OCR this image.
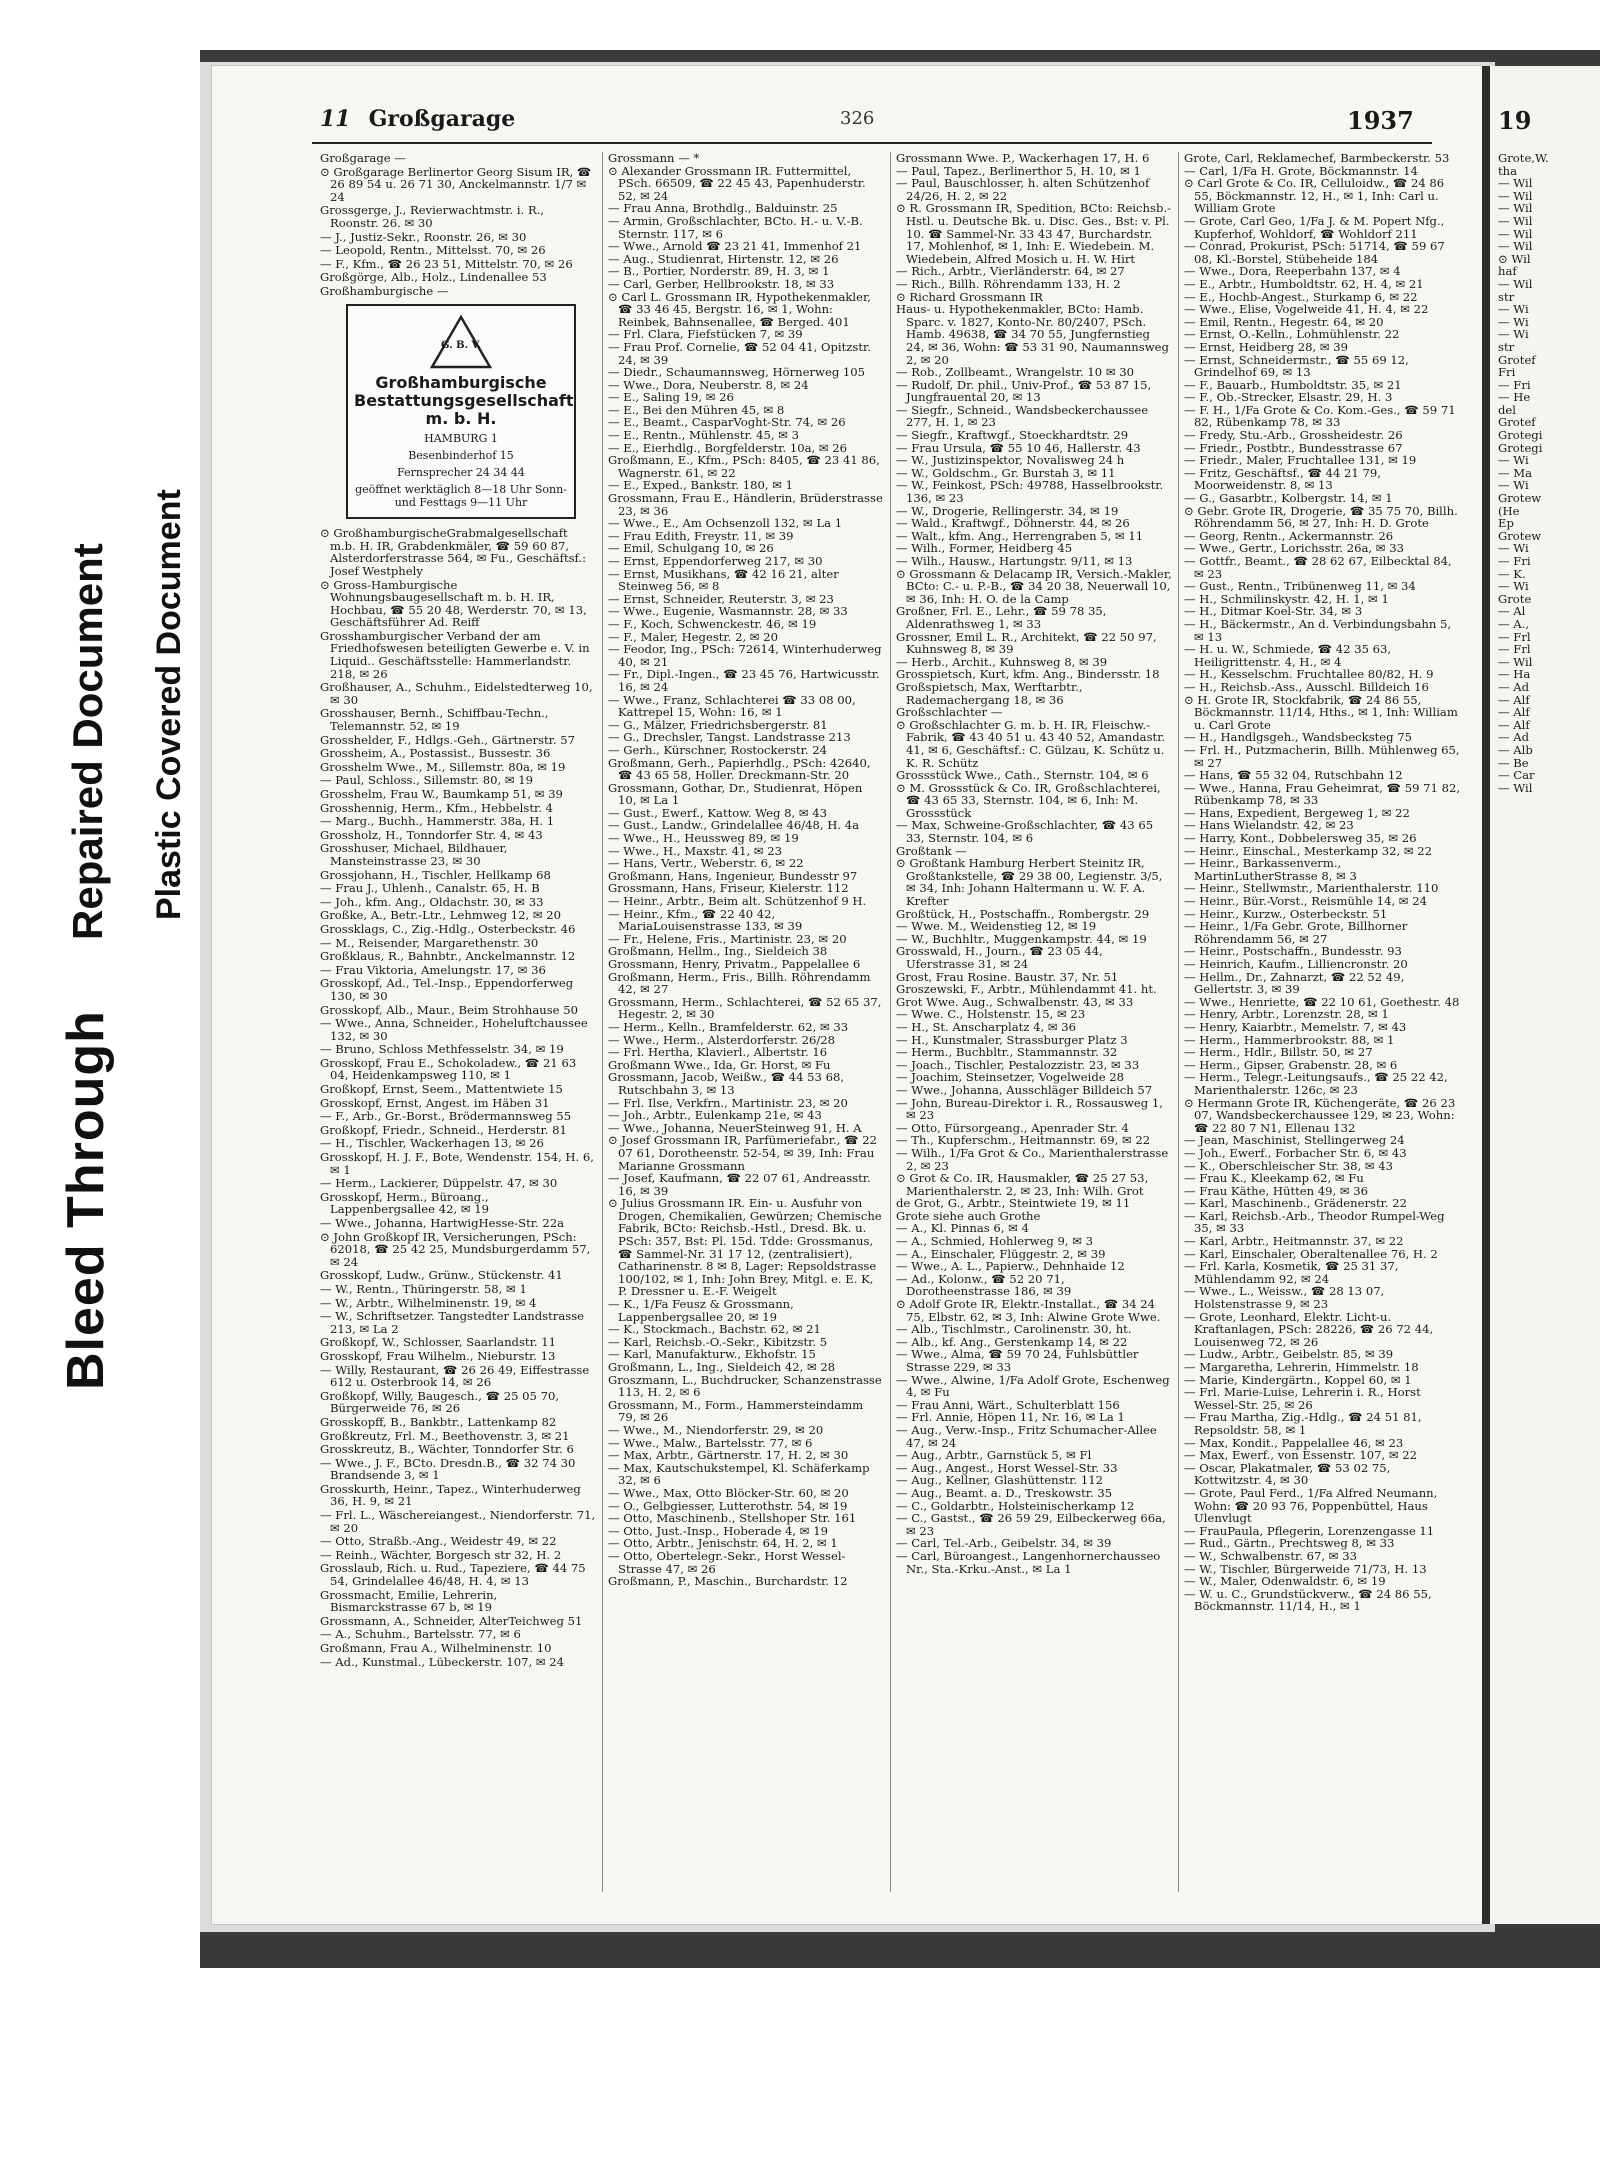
Bleed Through
Repaired Document Plastic Covered Document
11 Großgarage	326	1937
Großgarage —
⊙ Großgarage Berlinertor Georg Sisum IR, ☎ 26 89 54 u. 26 71 30, Anckelmannstr. 1/7 ✉ 24
Grossgerge, J., Revierwachtmstr. i. R., Roonstr. 26. ✉ 30
— J., Justiz-Sekr., Roonstr. 26, ✉ 30
— Leopold, Rentn., Mittelsst. 70, ✉ 26
— F., Kfm., ☎ 26 23 51, Mittelstr. 70, ✉ 26
Großgörge, Alb., Holz., Lindenallee 53
Großhamburgische —
G. B. V.
Großhamburgische Bestattungsgesellschaft m. b. H.
HAMBURG 1
Besenbinderhof 15
Fernsprecher 24 34 44
geöffnet werktäglich 8—18 Uhr Sonn- und Festtags 9—11 Uhr
⊙ GroßhamburgischeGrabmalgesellschaft m.b. H. IR, Grabdenkmäler, ☎ 59 60 87, Alsterdorferstrasse 564, ✉ Fu., Geschäftsf.: Josef Westphely
⊙ Gross-Hamburgische Wohnungsbaugesellschaft m. b. H. IR, Hochbau, ☎ 55 20 48, Werderstr. 70, ✉ 13, Geschäftsführer Ad. Reiff
Grosshamburgischer Verband der am Friedhofswesen beteiligten Gewerbe e. V. in Liquid.. Geschäftsstelle: Hammerlandstr. 218, ✉ 26
Großhauser, A., Schuhm., Eidelstedterweg 10, ✉ 30
Grosshauser, Bernh., Schiffbau-Techn., Telemannstr. 52, ✉ 19
Grosshelder, F., Hdlgs.-Geh., Gärtnerstr. 57
Grossheim, A., Postassist., Bussestr. 36
Grosshelm Wwe., M., Sillemstr. 80a, ✉ 19
— Paul, Schloss., Sillemstr. 80, ✉ 19
Grosshelm, Frau W., Baumkamp 51, ✉ 39
Grosshennig, Herm., Kfm., Hebbelstr. 4
— Marg., Buchh., Hammerstr. 38a, H. 1
Grossholz, H., Tonndorfer Str. 4, ✉ 43
Grosshuser, Michael, Bildhauer, Mansteinstrasse 23, ✉ 30
Grossjohann, H., Tischler, Hellkamp 68
— Frau J., Uhlenh., Canalstr. 65, H. B
— Joh., kfm. Ang., Oldachstr. 30, ✉ 33
Großke, A., Betr.-Ltr., Lehmweg 12, ✉ 20
Grossklags, C., Zig.-Hdlg., Osterbeckstr. 46
— M., Reisender, Margarethenstr. 30
Großklaus, R., Bahnbtr., Anckelmannstr. 12
— Frau Viktoria, Amelungstr. 17, ✉ 36
Grosskopf, Ad., Tel.-Insp., Eppendorferweg 130, ✉ 30
Grosskopf, Alb., Maur., Beim Strohhause 50
— Wwe., Anna, Schneider., Hoheluftchaussee 132, ✉ 30
— Bruno, Schloss Methfesselstr. 34, ✉ 19
Grosskopf, Frau E., Schokoladew., ☎ 21 63 04, Heidenkampsweg 110, ✉ 1
Großkopf, Ernst, Seem., Mattentwiete 15
Grosskopf, Ernst, Angest. im Häben 31
— F., Arb., Gr.-Borst., Brödermannsweg 55
Großkopf, Friedr., Schneid., Herderstr. 81
— H., Tischler, Wackerhagen 13, ✉ 26
Grosskopf, H. J. F., Bote, Wendenstr. 154, H. 6, ✉ 1
— Herm., Lackierer, Düppelstr. 47, ✉ 30
Grosskopf, Herm., Büroang., Lappenbergsallee 42, ✉ 19
— Wwe., Johanna, HartwigHesse-Str. 22a
⊙ John Großkopf IR, Versicherungen, PSch: 62018, ☎ 25 42 25, Mundsburgerdamm 57, ✉ 24
Grosskopf, Ludw., Grünw., Stückenstr. 41
— W., Rentn., Thüringerstr. 58, ✉ 1
— W., Arbtr., Wilhelminenstr. 19, ✉ 4
— W., Schriftsetzer. Tangstedter Landstrasse 213, ✉ La 2
Großkopf, W., Schlosser, Saarlandstr. 11
Grosskopf, Frau Wilhelm., Nieburstr. 13
— Willy, Restaurant, ☎ 26 26 49, Eiffestrasse 612 u. Osterbrook 14, ✉ 26
Großkopf, Willy, Baugesch., ☎ 25 05 70, Bürgerweide 76, ✉ 26
Grosskopff, B., Bankbtr., Lattenkamp 82
Großkreutz, Frl. M., Beethovenstr. 3, ✉ 21
Grosskreutz, B., Wächter, Tonndorfer Str. 6
— Wwe., J. F., BCto. Dresdn.B., ☎ 32 74 30 Brandsende 3, ✉ 1
Grosskurth, Heinr., Tapez., Winterhuderweg 36, H. 9, ✉ 21
— Frl. L., Wäschereiangest., Niendorferstr. 71, ✉ 20
— Otto, Straßb.-Ang., Weidestr 49, ✉ 22
— Reinh., Wächter, Borgesch str 32, H. 2
Grosslaub, Rich. u. Rud., Tapeziere, ☎ 44 75 54, Grindelallee 46/48, H. 4, ✉ 13
Grossmacht, Emilie, Lehrerin, Bismarckstrasse 67 b, ✉ 19
Grossmann, A., Schneider, AlterTeichweg 51
— A., Schuhm., Bartelsstr. 77, ✉ 6
Großmann, Frau A., Wilhelminenstr. 10
— Ad., Kunstmal., Lübeckerstr. 107, ✉ 24
Grossmann — *
⊙ Alexander Grossmann IR. Futtermittel, PSch. 66509, ☎ 22 45 43, Papenhuderstr. 52, ✉ 24
— Frau Anna, Brothdlg., Balduinstr. 25
— Armin, Großschlachter, BCto. H.- u. V.-B. Sternstr. 117, ✉ 6
— Wwe., Arnold ☎ 23 21 41, Immenhof 21
— Aug., Studienrat, Hirtenstr. 12, ✉ 26
— B., Portier, Norderstr. 89, H. 3, ✉ 1
— Carl, Gerber, Hellbrookstr. 18, ✉ 33
⊙ Carl L. Grossmann IR, Hypothekenmakler, ☎ 33 46 45, Bergstr. 16, ✉ 1, Wohn: Reinbek, Bahnsenallee, ☎ Berged. 401
— Frl. Clara, Fiefstücken 7, ✉ 39
— Frau Prof. Cornelie, ☎ 52 04 41, Opitzstr. 24, ✉ 39
— Diedr., Schaumannsweg, Hörnerweg 105
— Wwe., Dora, Neuberstr. 8, ✉ 24
— E., Saling 19, ✉ 26
— E., Bei den Mühren 45, ✉ 8
— E., Beamt., CasparVoght-Str. 74, ✉ 26
— E., Rentn., Mühlenstr. 45, ✉ 3
— E., Eierhdlg., Borgfelderstr. 10a, ✉ 26
Großmann, E., Kfm., PSch: 8405, ☎ 23 41 86, Wagnerstr. 61, ✉ 22
— E., Exped., Bankstr. 180, ✉ 1
Grossmann, Frau E., Händlerin, Brüderstrasse 23, ✉ 36
— Wwe., E., Am Ochsenzoll 132, ✉ La 1
— Frau Edith, Freystr. 11, ✉ 39
— Emil, Schulgang 10, ✉ 26
— Ernst, Eppendorferweg 217, ✉ 30
— Ernst, Musikhans, ☎ 42 16 21, alter Steinweg 56, ✉ 8
— Ernst, Schneider, Reuterstr. 3, ✉ 23
— Wwe., Eugenie, Wasmannstr. 28, ✉ 33
— F., Koch, Schwenckestr. 46, ✉ 19
— F., Maler, Hegestr. 2, ✉ 20
— Feodor, Ing., PSch: 72614, Winterhuderweg 40, ✉ 21
— Fr., Dipl.-Ingen., ☎ 23 45 76, Hartwicusstr. 16, ✉ 24
— Wwe., Franz, Schlachterei ☎ 33 08 00, Kattrepel 15, Wohn: 16, ✉ 1
— G., Mälzer, Friedrichsbergerstr. 81
— G., Drechsler, Tangst. Landstrasse 213
— Gerh., Kürschner, Rostockerstr. 24
Großmann, Gerh., Papierhdlg., PSch: 42640, ☎ 43 65 58, Holler. Dreckmann-Str. 20
Grossmann, Gothar, Dr., Studienrat, Höpen 10, ✉ La 1
— Gust., Ewerf., Kattow. Weg 8, ✉ 43
— Gust., Landw., Grindelallee 46/48, H. 4a
— Wwe., H., Heussweg 89, ✉ 19
— Wwe., H., Maxstr. 41, ✉ 23
— Hans, Vertr., Weberstr. 6, ✉ 22
Großmann, Hans, Ingenieur, Bundesstr 97
Grossmann, Hans, Friseur, Kielerstr. 112
— Heinr., Arbtr., Beim alt. Schützenhof 9 H.
— Heinr., Kfm., ☎ 22 40 42, MariaLouisenstrasse 133, ✉ 39
— Fr., Helene, Fris., Martinistr. 23, ✉ 20
Großmann, Hellm., Ing., Sieldeich 38
Grossmann, Henry, Privatm., Pappelallee 6
Großmann, Herm., Fris., Billh. Röhrendamm 42, ✉ 27
Grossmann, Herm., Schlachterei, ☎ 52 65 37, Hegestr. 2, ✉ 30
— Herm., Kelln., Bramfelderstr. 62, ✉ 33
— Wwe., Herm., Alsterdorferstr. 26/28
— Frl. Hertha, Klavierl., Albertstr. 16
Großmann Wwe., Ida, Gr. Horst, ✉ Fu
Grossmann, Jacob, Weißw., ☎ 44 53 68, Rutschbahn 3, ✉ 13
— Frl. Ilse, Verkfrn., Martinistr. 23, ✉ 20
— Joh., Arbtr., Eulenkamp 21e, ✉ 43
— Wwe., Johanna, NeuerSteinweg 91, H. A
⊙ Josef Grossmann IR, Parfümeriefabr., ☎ 22 07 61, Dorotheenstr. 52-54, ✉ 39, Inh: Frau Marianne Grossmann
— Josef, Kaufmann, ☎ 22 07 61, Andreasstr. 16, ✉ 39
⊙ Julius Grossmann IR. Ein- u. Ausfuhr von Drogen, Chemikalien, Gewürzen; Chemische Fabrik, BCto: Reichsb.-Hstl., Dresd. Bk. u. PSch: 357, Bst: Pl. 15d. Tdde: Grossmanus, ☎ Sammel-Nr. 31 17 12, (zentralisiert), Catharinenstr. 8 ✉ 8, Lager: Repsoldstrasse 100/102, ✉ 1, Inh: John Brey, Mitgl. e. E. K, P. Dressner u. E.-F. Weigelt
— K., 1/Fa Feusz & Grossmann, Lappenbergsallee 20, ✉ 19
— K., Stockmach., Bachstr. 62, ✉ 21
— Karl, Reichsb.-O.-Sekr., Kibitzstr. 5
— Karl, Manufakturw., Ekhofstr. 15
Großmann, L., Ing., Sieldeich 42, ✉ 28
Groszmann, L., Buchdrucker, Schanzenstrasse 113, H. 2, ✉ 6
Grossmann, M., Form., Hammersteindamm 79, ✉ 26
— Wwe., M., Niendorferstr. 29, ✉ 20
— Wwe., Malw., Bartelsstr. 77, ✉ 6
— Max, Arbtr., Gärtnerstr. 17, H. 2, ✉ 30
— Max, Kautschukstempel, Kl. Schäferkamp 32, ✉ 6
— Wwe., Max, Otto Blöcker-Str. 60, ✉ 20
— O., Gelbgiesser, Lutterothstr. 54, ✉ 19
— Otto, Maschinenb., Stellshoper Str. 161
— Otto, Just.-Insp., Hoberade 4, ✉ 19
— Otto, Arbtr., Jenischstr. 64, H. 2, ✉ 1
— Otto, Obertelegr.-Sekr., Horst Wessel-Strasse 47, ✉ 26
Großmann, P., Maschin., Burchardstr. 12
Grossmann Wwe. P., Wackerhagen 17, H. 6
— Paul, Tapez., Berlinerthor 5, H. 10, ✉ 1
— Paul, Bauschlosser, h. alten Schützenhof 24/26, H. 2, ✉ 22
⊙ R. Grossmann IR, Spedition, BCto: Reichsb.-Hstl. u. Deutsche Bk. u. Disc. Ges., Bst: v. Pl. 10. ☎ Sammel-Nr. 33 43 47, Burchardstr. 17, Mohlenhof, ✉ 1, Inh: E. Wiedebein. M. Wiedebein, Alfred Mosich u. H. W. Hirt
— Rich., Arbtr., Vierländerstr. 64, ✉ 27
— Rich., Billh. Röhrendamm 133, H. 2
⊙ Richard Grossmann IR
Haus- u. Hypothekenmakler, BCto: Hamb. Sparc. v. 1827, Konto-Nr. 80/2407, PSch. Hamb. 49638, ☎ 34 70 55, Jungfernstieg 24, ✉ 36, Wohn: ☎ 53 31 90, Naumannsweg 2, ✉ 20
— Rob., Zollbeamt., Wrangelstr. 10 ✉ 30
— Rudolf, Dr. phil., Univ-Prof., ☎ 53 87 15, Jungfrauental 20, ✉ 13
— Siegfr., Schneid., Wandsbeckerchaussee 277, H. 1, ✉ 23
— Siegfr., Kraftwgf., Stoeckhardtstr. 29
— Frau Ursula, ☎ 55 10 46, Hallerstr. 43
— W., Justizinspektor, Novalisweg 24 h
— W., Goldschm., Gr. Burstah 3, ✉ 11
— W., Feinkost, PSch: 49788, Hasselbrookstr. 136, ✉ 23
— W., Drogerie, Rellingerstr. 34, ✉ 19
— Wald., Kraftwgf., Döhnerstr. 44, ✉ 26
— Walt., kfm. Ang., Herrengraben 5, ✉ 11
— Wilh., Former, Heidberg 45
— Wilh., Hausw., Hartungstr. 9/11, ✉ 13
⊙ Grossmann & Delacamp IR, Versich.-Makler, BCto: C.- u. P.-B., ☎ 34 20 38, Neuerwall 10, ✉ 36, Inh: H. O. de la Camp
Großner, Frl. E., Lehr., ☎ 59 78 35, Aldenrathsweg 1, ✉ 33
Grossner, Emil L. R., Architekt, ☎ 22 50 97, Kuhnsweg 8, ✉ 39
— Herb., Archit., Kuhnsweg 8, ✉ 39
Grosspietsch, Kurt, kfm. Ang., Bindersstr. 18
Großspietsch, Max, Werftarbtr., Rademachergang 18, ✉ 36
Großschlachter —
⊙ Großschlachter G. m. b. H. IR, Fleischw.-Fabrik, ☎ 43 40 51 u. 43 40 52, Amandastr. 41, ✉ 6, Geschäftsf.: C. Gülzau, K. Schütz u. K. R. Schütz
Grossstück Wwe., Cath., Sternstr. 104, ✉ 6
⊙ M. Grossstück & Co. IR, Großschlachterei, ☎ 43 65 33, Sternstr. 104, ✉ 6, Inh: M. Grossstück
— Max, Schweine-Großschlachter, ☎ 43 65 33, Sternstr. 104, ✉ 6
Großtank —
⊙ Großtank Hamburg Herbert Steinitz IR, Großtankstelle, ☎ 29 38 00, Legienstr. 3/5, ✉ 34, Inh: Johann Haltermann u. W. F. A. Krefter
Großtück, H., Postschaffn., Rombergstr. 29
— Wwe. M., Weidenstieg 12, ✉ 19
— W., Buchhltr., Muggenkampstr. 44, ✉ 19
Grosswald, H., Journ., ☎ 23 05 44, Uferstrasse 31, ✉ 24
Grost, Frau Rosine. Baustr. 37, Nr. 51
Groszewski, F., Arbtr., Mühlendammt 41. ht.
Grot Wwe. Aug., Schwalbenstr. 43, ✉ 33
— Wwe. C., Holstenstr. 15, ✉ 23
— H., St. Anscharplatz 4, ✉ 36
— H., Kunstmaler, Strassburger Platz 3
— Herm., Buchbltr., Stammannstr. 32
— Joach., Tischler, Pestalozzistr. 23, ✉ 33
— Joachim, Steinsetzer, Vogelweide 28
— Wwe., Johanna, Ausschläger Billdeich 57
— John, Bureau-Direktor i. R., Rossausweg 1, ✉ 23
— Otto, Fürsorgeang., Apenrader Str. 4
— Th., Kupferschm., Heitmannstr. 69, ✉ 22
— Wilh., 1/Fa Grot & Co., Marienthalerstrasse 2, ✉ 23
⊙ Grot & Co. IR, Hausmakler, ☎ 25 27 53, Marienthalerstr. 2, ✉ 23, Inh: Wilh. Grot
de Grot, G., Arbtr., Steintwiete 19, ✉ 11
Grote siehe auch Grothe
— A., Kl. Pinnas 6, ✉ 4
— A., Schmied, Hohlerweg 9, ✉ 3
— A., Einschaler, Flüggestr. 2, ✉ 39
— Wwe., A. L., Papierw., Dehnhaide 12
— Ad., Kolonw., ☎ 52 20 71, Dorotheenstrasse 186, ✉ 39
⊙ Adolf Grote IR, Elektr.-Installat., ☎ 34 24 75, Elbstr. 62, ✉ 3, Inh: Alwine Grote Wwe.
— Alb., Tischlmstr., Carolinenstr. 30, ht.
— Alb., kf. Ang., Gerstenkamp 14, ✉ 22
— Wwe., Alma, ☎ 59 70 24, Fuhlsbüttler Strasse 229, ✉ 33
— Wwe., Alwine, 1/Fa Adolf Grote, Eschenweg 4, ✉ Fu
— Frau Anni, Wärt., Schulterblatt 156
— Frl. Annie, Höpen 11, Nr. 16, ✉ La 1
— Aug., Verw.-Insp., Fritz Schumacher-Allee 47, ✉ 24
— Aug., Arbtr., Garnstück 5, ✉ Fl
— Aug., Angest., Horst Wessel-Str. 33
— Aug., Kellner, Glashüttenstr. 112
— Aug., Beamt. a. D., Treskowstr. 35
— C., Goldarbtr., Holsteinischerkamp 12
— C., Gastst., ☎ 26 59 29, Eilbeckerweg 66a, ✉ 23
— Carl, Tel.-Arb., Geibelstr. 34, ✉ 39
— Carl, Büroangest., Langenhornerchausseo Nr., Sta.-Krku.-Anst., ✉ La 1
Grote, Carl, Reklamechef, Barmbeckerstr. 53
— Carl, 1/Fa H. Grote, Böckmannstr. 14
⊙ Carl Grote & Co. IR, Celluloidw., ☎ 24 86 55, Böckmannstr. 12, H., ✉ 1, Inh: Carl u. William Grote
— Grote, Carl Geo, 1/Fa J. & M. Popert Nfg., Kupferhof, Wohldorf, ☎ Wohldorf 211
— Conrad, Prokurist, PSch: 51714, ☎ 59 67 08, Kl.-Borstel, Stübeheide 184
— Wwe., Dora, Reeperbahn 137, ✉ 4
— E., Arbtr., Humboldtstr. 62, H. 4, ✉ 21
— E., Hochb-Angest., Sturkamp 6, ✉ 22
— Wwe., Elise, Vogelweide 41, H. 4, ✉ 22
— Emil, Rentn., Hegestr. 64, ✉ 20
— Ernst, O.-Kelln., Lohmühlenstr. 22
— Ernst, Heidberg 28, ✉ 39
— Ernst, Schneidermstr., ☎ 55 69 12, Grindelhof 69, ✉ 13
— F., Bauarb., Humboldtstr. 35, ✉ 21
— F., Ob.-Strecker, Elsastr. 29, H. 3
— F. H., 1/Fa Grote & Co. Kom.-Ges., ☎ 59 71 82, Rübenkamp 78, ✉ 33
— Fredy, Stu.-Arb., Grossheidestr. 26
— Friedr., Postbtr., Bundesstrasse 67
— Friedr., Maler, Fruchtallee 131, ✉ 19
— Fritz, Geschäftsf., ☎ 44 21 79, Moorweidenstr. 8, ✉ 13
— G., Gasarbtr., Kolbergstr. 14, ✉ 1
⊙ Gebr. Grote IR, Drogerie, ☎ 35 75 70, Billh. Röhrendamm 56, ✉ 27, Inh: H. D. Grote
— Georg, Rentn., Ackermannstr. 26
— Wwe., Gertr., Lorichsstr. 26a, ✉ 33
— Gottfr., Beamt., ☎ 28 62 67, Eilbecktal 84, ✉ 23
— Gust., Rentn., Tribünenweg 11, ✉ 34
— H., Schmilinskystr. 42, H. 1, ✉ 1
— H., Ditmar Koel-Str. 34, ✉ 3
— H., Bäckermstr., An d. Verbindungsbahn 5, ✉ 13
— H. u. W., Schmiede, ☎ 42 35 63, Heiligrittenstr. 4, H., ✉ 4
— H., Kesselschm. Fruchtallee 80/82, H. 9
— H., Reichsb.-Ass., Ausschl. Billdeich 16
⊙ H. Grote IR, Stockfabrik, ☎ 24 86 55, Böckmannstr. 11/14, Hths., ✉ 1, Inh: William u. Carl Grote
— H., Handlgsgeh., Wandsbecksteg 75
— Frl. H., Putzmacherin, Billh. Mühlenweg 65, ✉ 27
— Hans, ☎ 55 32 04, Rutschbahn 12
— Wwe., Hanna, Frau Geheimrat, ☎ 59 71 82, Rübenkamp 78, ✉ 33
— Hans, Expedient, Bergeweg 1, ✉ 22
— Hans Wielandstr. 42, ✉ 23
— Harry, Kont., Dobbelersweg 35, ✉ 26
— Heinr., Einschal., Mesterkamp 32, ✉ 22
— Heinr., Barkassenverm., MartinLutherStrasse 8, ✉ 3
— Heinr., Stellwmstr., Marienthalerstr. 110
— Heinr., Bür.-Vorst., Reismühle 14, ✉ 24
— Heinr., Kurzw., Osterbeckstr. 51
— Heinr., 1/Fa Gebr. Grote, Billhorner Röhrendamm 56, ✉ 27
— Heinr., Postschaffn., Bundesstr. 93
— Heinrich, Kaufm., Lilliencronstr. 20
— Hellm., Dr., Zahnarzt, ☎ 22 52 49, Gellertstr. 3, ✉ 39
— Wwe., Henriette, ☎ 22 10 61, Goethestr. 48
— Henry, Arbtr., Lorenzstr. 28, ✉ 1
— Henry, Kaiarbtr., Memelstr. 7, ✉ 43
— Herm., Hammerbrookstr. 88, ✉ 1
— Herm., Hdlr., Billstr. 50, ✉ 27
— Herm., Gipser, Grabenstr. 28, ✉ 6
— Herm., Telegr.-Leitungsaufs., ☎ 25 22 42, Marienthalerstr. 126c, ✉ 23
⊙ Hermann Grote IR, Küchengeräte, ☎ 26 23 07, Wandsbeckerchaussee 129, ✉ 23, Wohn: ☎ 22 80 7 N1, Ellenau 132
— Jean, Maschinist, Stellingerweg 24
— Joh., Ewerf., Forbacher Str. 6, ✉ 43
— K., Oberschleischer Str. 38, ✉ 43
— Frau K., Kleekamp 62, ✉ Fu
— Frau Käthe, Hütten 49, ✉ 36
— Karl, Maschinenb., Grädenerstr. 22
— Karl, Reichsb.-Arb., Theodor Rumpel-Weg 35, ✉ 33
— Karl, Arbtr., Heitmannstr. 37, ✉ 22
— Karl, Einschaler, Oberaltenallee 76, H. 2
— Frl. Karla, Kosmetik, ☎ 25 31 37, Mühlendamm 92, ✉ 24
— Wwe., L., Weissw., ☎ 28 13 07, Holstenstrasse 9, ✉ 23
— Grote, Leonhard, Elektr. Licht-u. Kraftanlagen, PSch: 28226, ☎ 26 72 44, Louisenweg 72, ✉ 26
— Ludw., Arbtr., Geibelstr. 85, ✉ 39
— Margaretha, Lehrerin, Himmelstr. 18
— Marie, Kindergärtn., Koppel 60, ✉ 1
— Frl. Marie-Luise, Lehrerin i. R., Horst Wessel-Str. 25, ✉ 26
— Frau Martha, Zig.-Hdlg., ☎ 24 51 81, Repsoldstr. 58, ✉ 1
— Max, Kondit., Pappelallee 46, ✉ 23
— Max, Ewerf., von Essenstr. 107, ✉ 22
— Oscar, Plakatmaler, ☎ 53 02 75, Kottwitzstr. 4, ✉ 30
— Grote, Paul Ferd., 1/Fa Alfred Neumann, Wohn: ☎ 20 93 76, Poppenbüttel, Haus Ulenvlugt
— FrauPaula, Pflegerin, Lorenzengasse 11
— Rud., Gärtn., Prechtsweg 8, ✉ 33
— W., Schwalbenstr. 67, ✉ 33
— W., Tischler, Bürgerweide 71/73, H. 13
— W., Maler, Odenwaldstr. 6, ✉ 19
— W. u. C., Grundstückverw., ☎ 24 86 55, Böckmannstr. 11/14, H., ✉ 1
19
Grote,W.
tha
— Wil
— Wil
— Wil
— Wil
— Wil
— Wil
⊙ Wil
haf
— Wil
str
— Wi
— Wi
— Wi
str
Grotef
Fri
— Fri
— He
del
Grotef
Grotegi
Grotegi
— Wi
— Ma
— Wi
Grotew
(He
Ep
Grotew
— Wi
— Fri
— K.
— Wi
Grote
— Al
— A.,
— Frl
— Frl
— Wil
— Ha
— Ad
— Alf
— Alf
— Alf
— Ad
— Alb
— Be
— Car
— Wil
